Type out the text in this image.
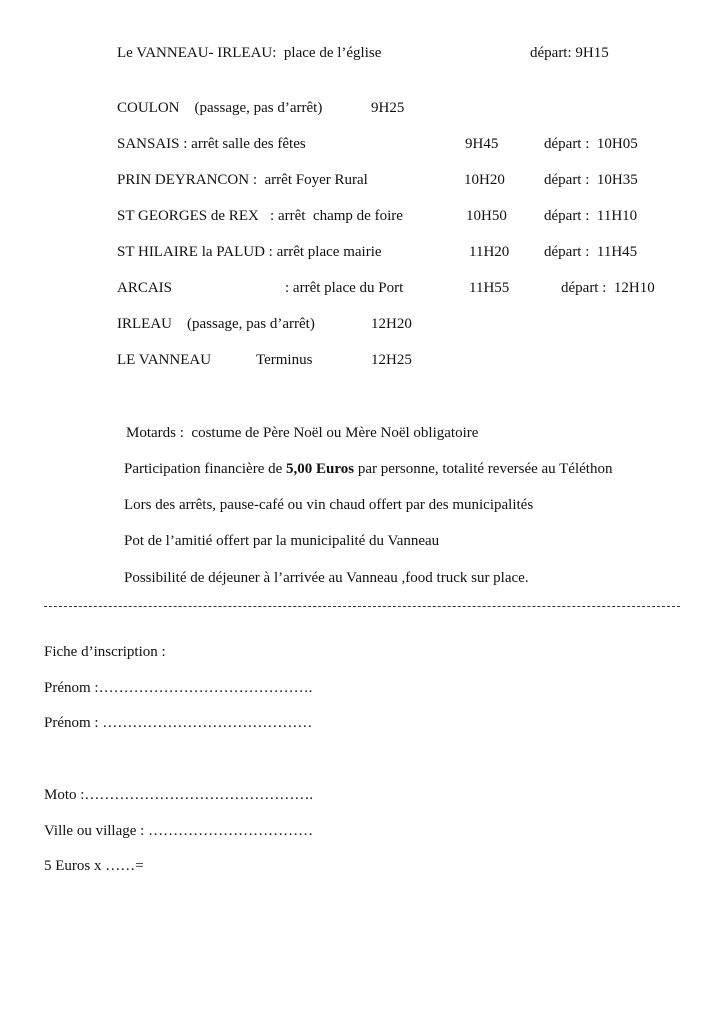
Le VANNEAU- IRLEAU:  place de l’église	départ: 9H15
COULON    (passage, pas d’arrêt)	9H25
SANSAIS : arrêt salle des fêtes	9H45	départ :  10H05
PRIN DEYRANCON :  arrêt Foyer Rural	10H20	départ :  10H35
ST GEORGES de REX   : arrêt  champ de foire	10H50 départ :  11H10
ST HILAIRE la PALUD : arrêt place mairie	11H20 départ :  11H45
ARCAIS	: arrêt place du Port	11H55	départ :  12H10
IRLEAU    (passage, pas d’arrêt)	12H20
LE VANNEAU	Terminus	12H25
Motards :  costume de Père Noël ou Mère Noël obligatoire
Participation financière de 5,00 Euros par personne, totalité reversée au Téléthon
Lors des arrêts, pause-café ou vin chaud offert par des municipalités
Pot de l’amitié offert par la municipalité du Vanneau
Possibilité de déjeuner à l’arrivée au Vanneau ,food truck sur place.
Fiche d’inscription :
Prénom :…………………………………….
Prénom : ……………………………………
Moto :……………………………………….
Ville ou village : ……………………………
5 Euros x ……=
